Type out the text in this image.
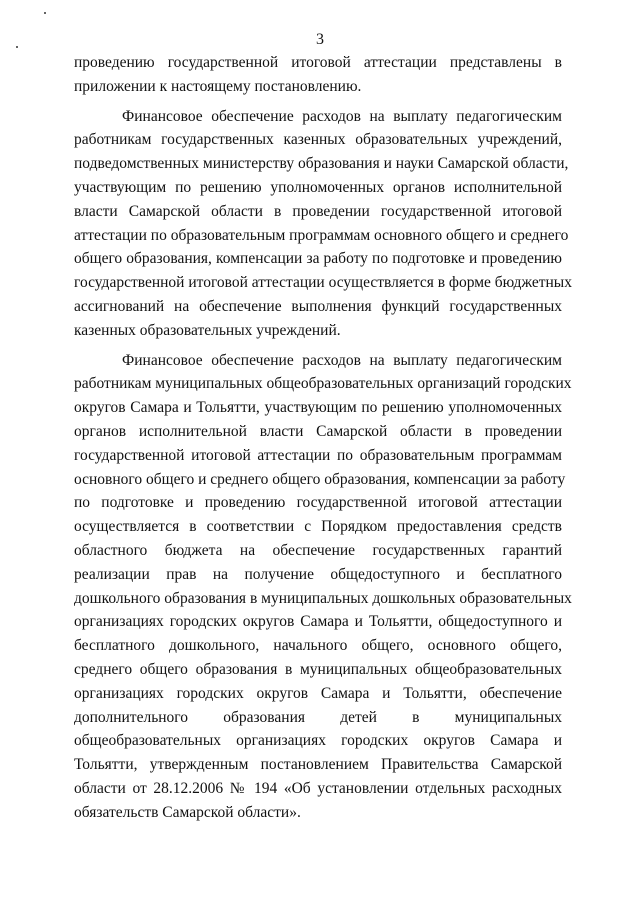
3
проведению государственной итоговой аттестации представлены в
приложении к настоящему постановлению.
Финансовое обеспечение расходов на выплату педагогическим
работникам государственных казенных образовательных учреждений,
подведомственных министерству образования и науки Самарской области,
участвующим по решению уполномоченных органов исполнительной
власти Самарской области в проведении государственной итоговой
аттестации по образовательным программам основного общего и среднего
общего образования, компенсации за работу по подготовке и проведению
государственной итоговой аттестации осуществляется в форме бюджетных
ассигнований на обеспечение выполнения функций государственных
казенных образовательных учреждений.
Финансовое обеспечение расходов на выплату педагогическим
работникам муниципальных общеобразовательных организаций городских
округов Самара и Тольятти, участвующим по решению уполномоченных
органов исполнительной власти Самарской области в проведении
государственной итоговой аттестации по образовательным программам
основного общего и среднего общего образования, компенсации за работу
по подготовке и проведению государственной итоговой аттестации
осуществляется в соответствии с Порядком предоставления средств
областного бюджета на обеспечение государственных гарантий
реализации прав на получение общедоступного и бесплатного
дошкольного образования в муниципальных дошкольных образовательных
организациях городских округов Самара и Тольятти, общедоступного и
бесплатного дошкольного, начального общего, основного общего,
среднего общего образования в муниципальных общеобразовательных
организациях городских округов Самара и Тольятти, обеспечение
дополнительного образования детей в муниципальных
общеобразовательных организациях городских округов Самара и
Тольятти, утвержденным постановлением Правительства Самарской
области от 28.12.2006 № 194 «Об установлении отдельных расходных
обязательств Самарской области».
